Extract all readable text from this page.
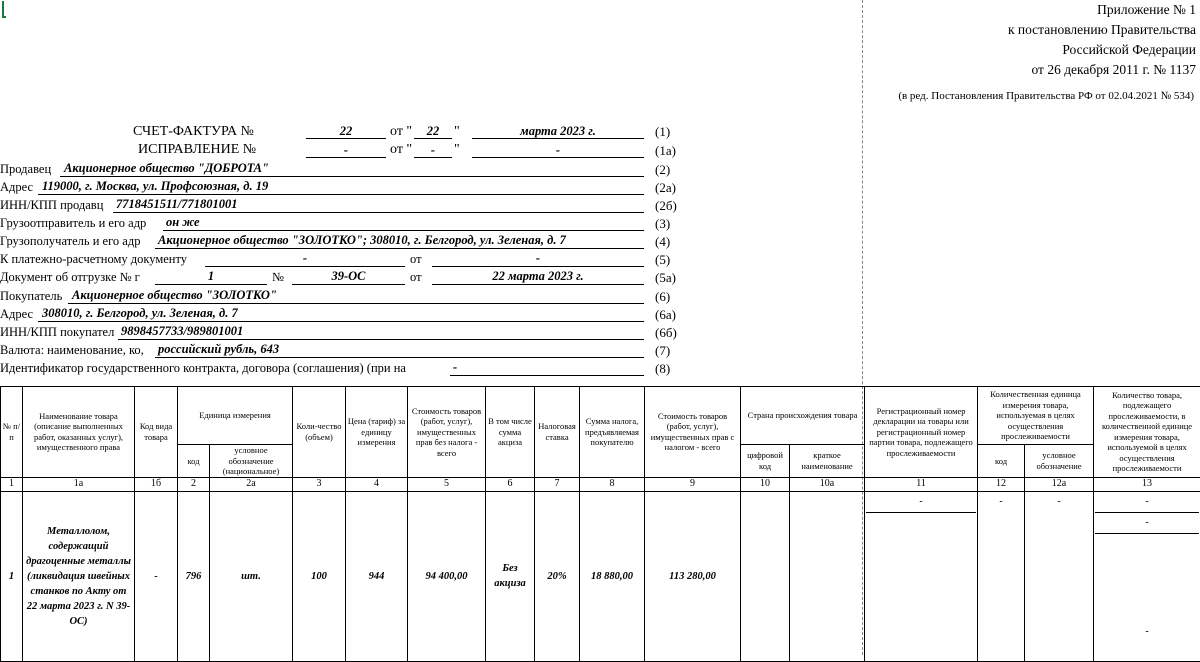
Приложение № 1
к постановлению Правительства
Российской Федерации
от 26 декабря 2011 г. № 1137
(в ред. Постановления Правительства РФ от 02.04.2021 № 534)
СЧЕТ-ФАКТУРА №	22	от "	22	"	марта 2023 г.	(1)
ИСПРАВЛЕНИЕ №	-	от "	-	"	-	(1а)
Продавец Акционерное общество "ДОБРОТА"	(2)
Адрес 119000, г. Москва, ул. Профсоюзная, д. 19	(2а)
ИНН/КПП продавц 7718451511/771801001	(2б)
Грузоотправитель и его адр он же	(3)
Грузополучатель и его адр Акционерное общество "ЗОЛОТКО"; 308010, г. Белгород, ул. Зеленая, д. 7	(4)
К платежно-расчетному документу	-	от	-	(5)
Документ об отгрузке № г	1	№	39-ОС	от	22 марта 2023 г.	(5а)
Покупатель Акционерное общество "ЗОЛОТКО"	(6)
Адрес 308010, г. Белгород, ул. Зеленая, д. 7	(6а)
ИНН/КПП покупател 9898457733/989801001	(6б)
Валюта: наименование, ко, российский рубль, 643	(7)
Идентификатор государственного контракта, договора (соглашения) (при на	-	(8)
№ п/п	Наименование товара (описание выполненных работ, оказанных услуг), имущественного права	Код вида товара	Единица измерения		Коли-чество (объем)	Цена (тариф) за единицу измерения	Стоимость товаров (работ, услуг), имущественных прав без налога - всего	В том числе сумма акциза	Налоговая ставка	Сумма налога, предъявляемая покупателю	Стоимость товаров (работ, услуг), имущественных прав с налогом - всего	Страна происхождения товара		Регистрационный номер декларации на товары или регистрационный номер партии товара, подлежащего прослеживаемости	Количественная единица измерения товара, используемая в целях осуществления прослеживаемости		Количество товара, подлежащего прослеживаемости, в количественной единице измерения товара, используемой в целях осуществления прослеживаемости
			код	условное обозначение (национальное)								цифровой код	краткое наименование		код	условное обозначение	
1	1а	1б	2	2а	3	4	5	6	7	8	9	10	10а	11	12	12а	13
1	Металлолом, содержащий драгоценные металлы (ликвидация швейных станков по Акту от 22 марта 2023 г. N 39-ОС)	-	796	шт.	100	944	94 400,00	Без акциза	20%	18 880,00	113 280,00			-	-	-	-
-
-
